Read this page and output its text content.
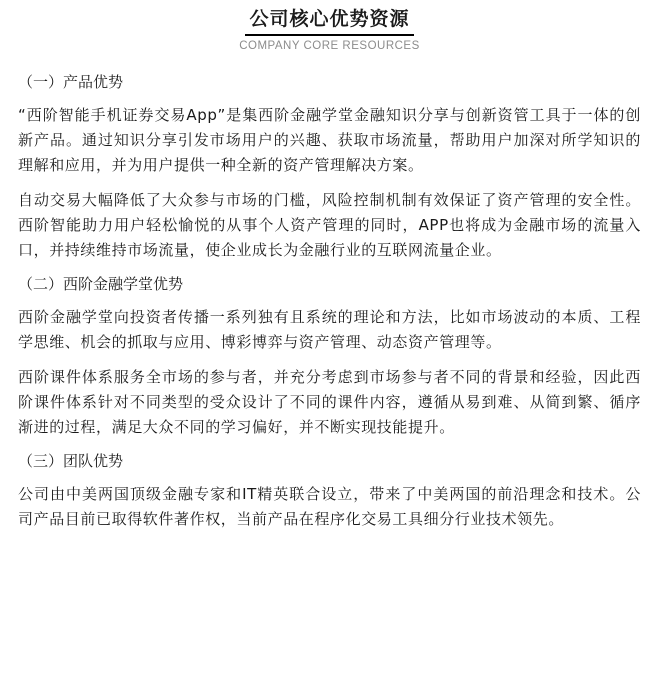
公司核心优势资源
COMPANY CORE RESOURCES
（一）产品优势

“西阶智能手机证券交易App”是集西阶金融学堂金融知识分享与创新资管工具于一体的创新产品。通过知识分享引发市场用户的兴趣、获取市场流量，帮助用户加深对所学知识的理解和应用，并为用户提供一种全新的资产管理解决方案。

自动交易大幅降低了大众参与市场的门槛，风险控制机制有效保证了资产管理的安全性。西阶智能助力用户轻松愉悦的从事个人资产管理的同时，APP也将成为金融市场的流量入口，并持续维持市场流量，使企业成长为金融行业的互联网流量企业。

（二）西阶金融学堂优势

西阶金融学堂向投资者传播一系列独有且系统的理论和方法，比如市场波动的本质、工程学思维、机会的抓取与应用、博彩博弈与资产管理、动态资产管理等。

西阶课件体系服务全市场的参与者，并充分考虑到市场参与者不同的背景和经验，因此西阶课件体系针对不同类型的受众设计了不同的课件内容，遵循从易到难、从简到繁、循序渐进的过程，满足大众不同的学习偏好，并不断实现技能提升。

（三）团队优势

公司由中美两国顶级金融专家和IT精英联合设立，带来了中美两国的前沿理念和技术。公司产品目前已取得软件著作权，当前产品在程序化交易工具细分行业技术领先。
